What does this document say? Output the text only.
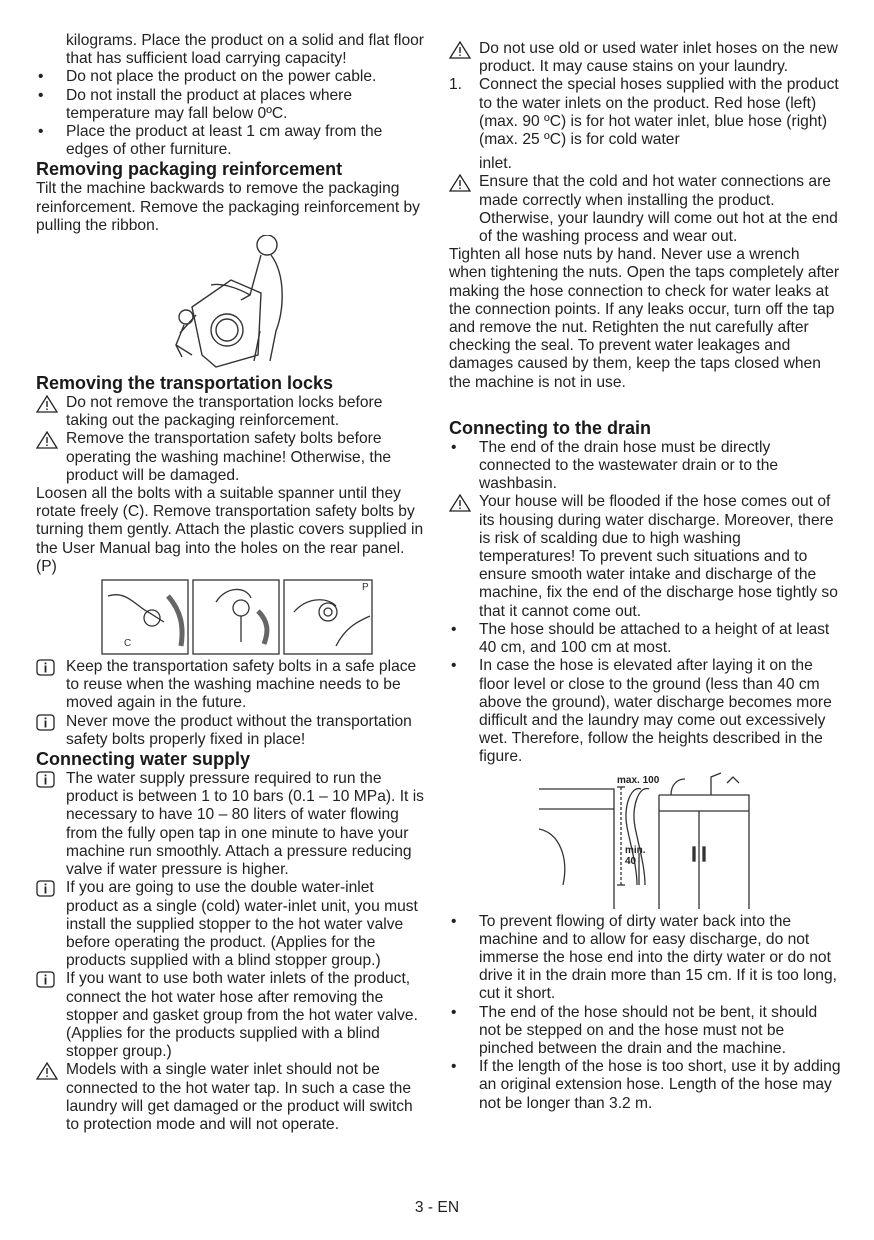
kilograms. Place the product on a solid and flat floor that has sufficient load carrying capacity!

•	Do not place the product on the power cable.
•	Do not install the product at places where temperature may fall below 0ºC.
•	Place the product at least 1 cm away from the edges of other furniture.
Removing packaging reinforcement

Tilt the machine backwards to remove the packaging reinforcement. Remove the packaging reinforcement by pulling the ribbon.

Removing the transportation locks
Do not remove the transportation locks before taking out the packaging reinforcement.
Remove the transportation safety bolts before operating the washing machine! Otherwise, the product will be damaged.

Loosen all the bolts with a suitable spanner until they rotate freely (C). Remove transportation safety bolts by turning them gently. Attach the plastic covers supplied in the User Manual bag into the holes on the rear panel. (P)

C
P
Keep the transportation safety bolts in a safe place to reuse when the washing machine needs to be moved again in the future.
Never move the product without the transportation safety bolts properly fixed in place!
Connecting water supply
The water supply pressure required to run the product is between 1 to 10 bars (0.1 – 10 MPa). It is necessary to have 10 – 80 liters of water flowing from the fully open tap in one minute to have your machine run smoothly. Attach a pressure reducing valve if water pressure is higher.
If you are going to use the double water-inlet product as a single (cold) water-inlet unit, you must install the supplied stopper to the hot water valve before operating the product. (Applies for the products supplied with a blind stopper group.)
If you want to use both water inlets of the product, connect the hot water hose after removing the stopper and gasket group from the hot water valve. (Applies for the products supplied with a blind stopper group.)
Models with a single water inlet should not be connected to the hot water tap. In such a case the laundry will get damaged or the product will switch to protection mode and will not operate.
Do not use old or used water inlet hoses on the new product. It may cause stains on your laundry.
1.	Connect the special hoses supplied with the product to the water inlets on the product. Red hose (left) (max. 90 ºC) is for hot water inlet, blue hose (right) (max. 25 ºC) is for cold water

inlet.

Ensure that the cold and hot water connections are made correctly when installing the product. Otherwise, your laundry will come out hot at the end of the washing process and wear out.

Tighten all hose nuts by hand. Never use a wrench when tightening the nuts. Open the taps completely after making the hose connection to check for water leaks at the connection points. If any leaks occur, turn off the tap and remove the nut. Retighten the nut carefully after checking the seal. To prevent water leakages and damages caused by them, keep the taps closed when the machine is not in use.

Connecting to the drain
•	The end of the drain hose must be directly connected to the wastewater drain or to the washbasin.
Your house will be flooded if the hose comes out of its housing during water discharge. Moreover, there is risk of scalding due to high washing temperatures! To prevent such situations and to ensure smooth water intake and discharge of the machine, fix the end of the discharge hose tightly so that it cannot come out.
•	The hose should be attached to a height of at least 40 cm, and 100 cm at most.
•	In case the hose is elevated after laying it on the floor level or close to the ground (less than 40 cm above the ground), water discharge becomes more difficult and the laundry may come out excessively wet. Therefore, follow the heights described in the figure.
max. 100
min.
40
•	To prevent flowing of dirty water back into the machine and to allow for easy discharge, do not immerse the hose end into the dirty water or do not drive it in the drain more than 15 cm. If it is too long, cut it short.
•	The end of the hose should not be bent, it should not be stepped on and the hose must not be pinched between the drain and the machine.
•	If the length of the hose is too short, use it by adding an original extension hose. Length of the hose may not be longer than 3.2 m.
3 - EN
